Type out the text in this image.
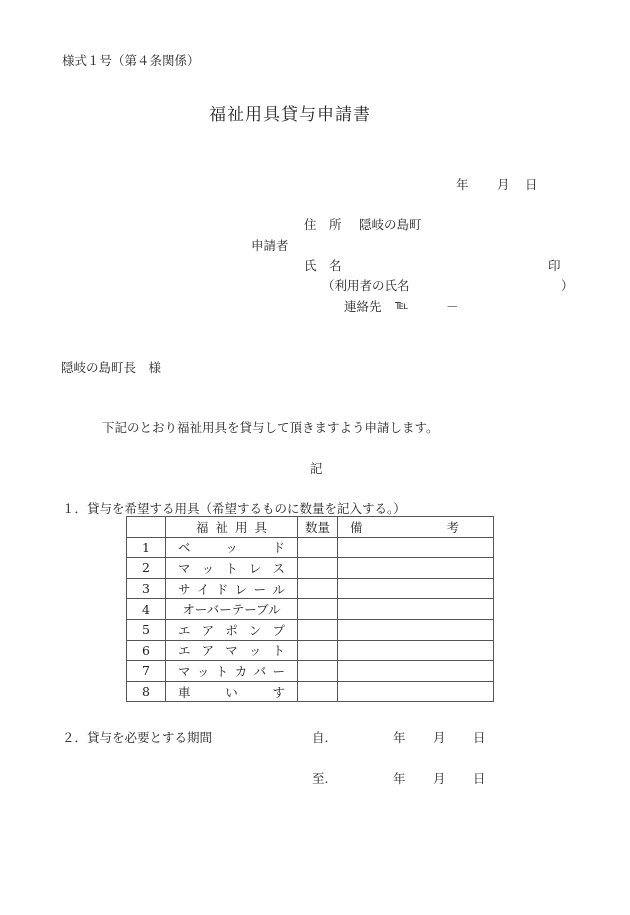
様式１号（第４条関係）
福祉用具貸与申請書
年 月 日
住　所 隠岐の島町
申請者
氏　名	印
（利用者の氏名	）
連絡先 ℡	－
隠岐の島町長　様
下記のとおり福祉用具を貸与して頂きますよう申請します。
記
１．貸与を希望する用具（希望するものに数量を記入する。）

	福 祉 用 具	数量	備 考

1	ベ ッ ド		

2	マ ッ ト レ ス		

3	サ イ ド レ ー ル

4	オーバーテーブル		
5	エ ア ポ ン プ		

6	エ ア マ ッ ト		

7	マ ッ ト カ バ ー

8	車 い す		

２．貸与を必要とする期間	自.	年 月 日
至.	年 月 日
